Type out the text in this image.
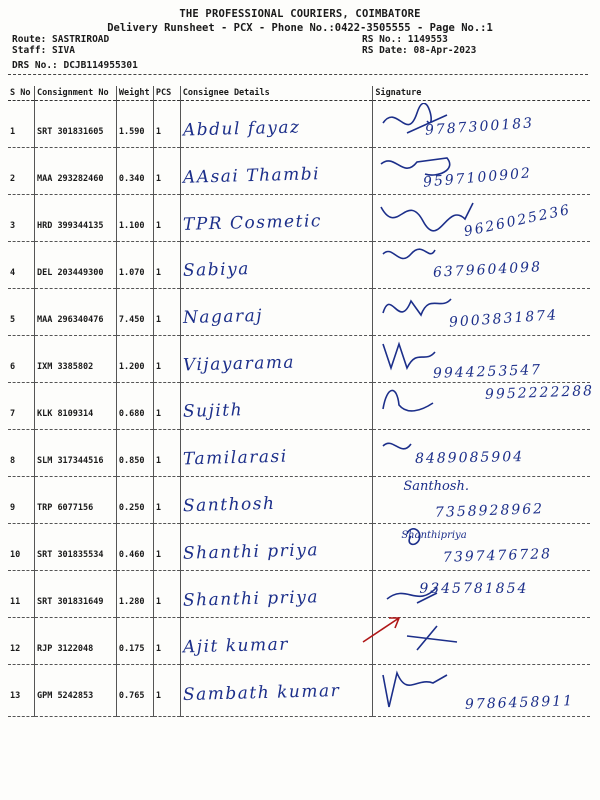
THE PROFESSIONAL COURIERS, COIMBATORE
Delivery Runsheet - PCX - Phone No.:0422-3505555 - Page No.:1
Route: SASTRIROAD
Staff: SIVA
RS No.: 1149553
RS Date: 08-Apr-2023
DRS No.: DCJB114955301
S No	Consignment No	Weight	PCS	Consignee Details	Signature
1	SRT 301831605	1.590	1	Abdul fayaz	9787300183

2	MAA 293282460	0.340	1	AAsai Thambi	9597100902

3	HRD 399344135	1.100	1	TPR Cosmetic	9626025236

4	DEL 203449300	1.070	1	Sabiya	6379604098

5	MAA 296340476	7.450	1	Nagaraj	9003831874

6	IXM 3385802	1.200	1	Vijayarama	9944253547

7	KLK 8109314	0.680	1	Sujith	9952222288

8	SLM 317344516	0.850	1	Tamilarasi	8489085904

9	TRP 6077156	0.250	1	Santhosh	Santhosh.
7358928962

10	SRT 301835534	0.460	1	Shanthi priya	Shanthipriya
7397476728

11	SRT 301831649	1.280	1	Shanthi priya	9345781854

12	RJP 3122048	0.175	1	Ajit kumar	

13	GPM 5242853	0.765	1	Sambath kumar	9786458911
